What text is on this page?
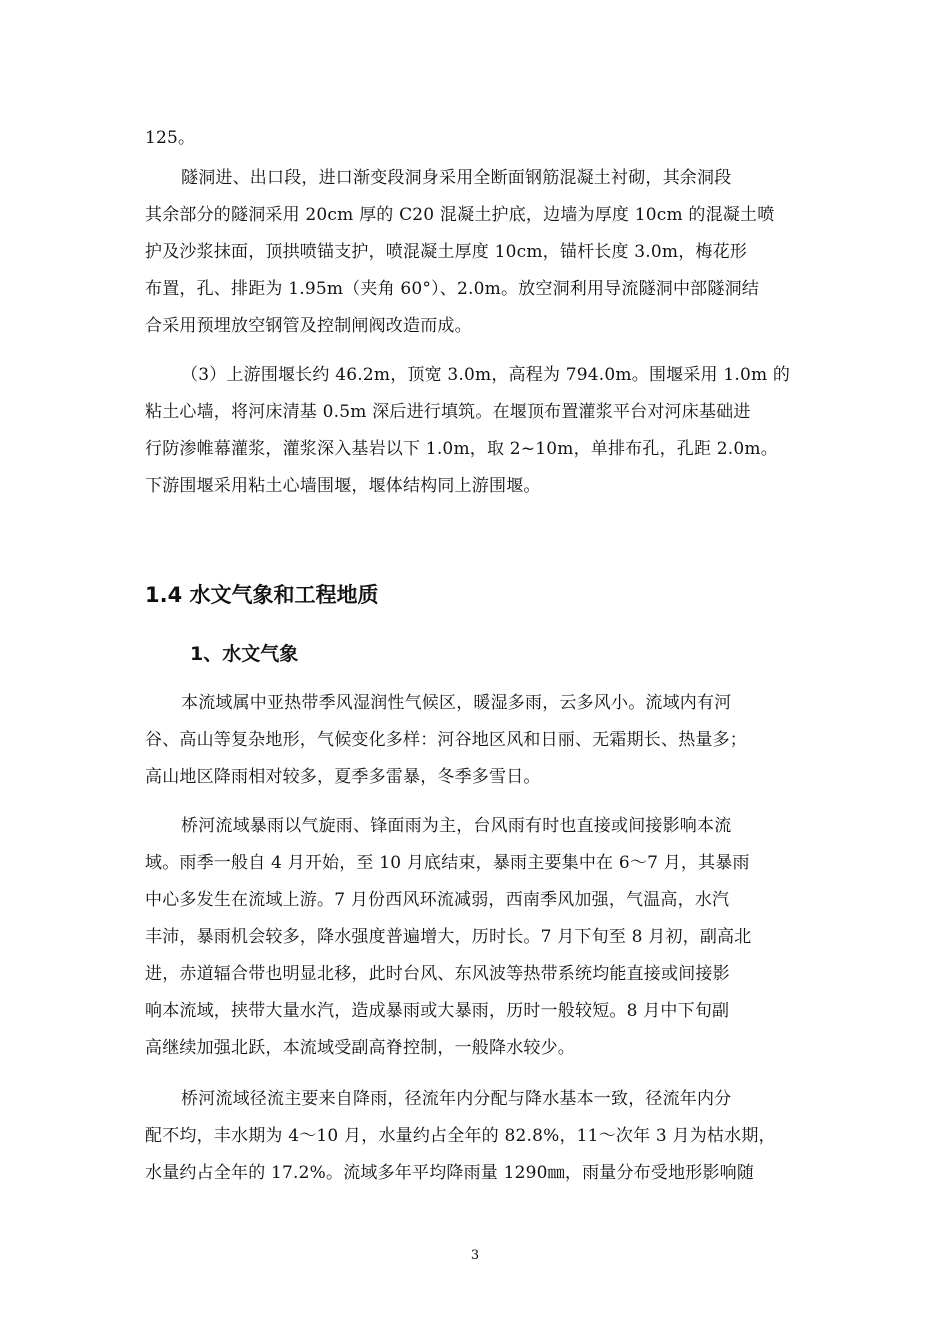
125。
隧洞进、出口段，进口渐变段洞身采用全断面钢筋混凝土衬砌，其余洞段
其余部分的隧洞采用 20cm 厚的 C20 混凝土护底，边墙为厚度 10cm 的混凝土喷
护及沙浆抹面，顶拱喷锚支护，喷混凝土厚度 10cm，锚杆长度 3.0m，梅花形
布置，孔、排距为 1.95m（夹角 60°）、2.0m。放空洞利用导流隧洞中部隧洞结
合采用预埋放空钢管及控制闸阀改造而成。
（3）上游围堰长约 46.2m，顶宽 3.0m，高程为 794.0m。围堰采用 1.0m 的
粘土心墙，将河床清基 0.5m 深后进行填筑。在堰顶布置灌浆平台对河床基础进
行防渗帷幕灌浆，灌浆深入基岩以下 1.0m，取 2~10m，单排布孔，孔距 2.0m。
下游围堰采用粘土心墙围堰，堰体结构同上游围堰。
1.4 水文气象和工程地质
1、水文气象
本流域属中亚热带季风湿润性气候区，暖湿多雨，云多风小。流域内有河
谷、高山等复杂地形，气候变化多样：河谷地区风和日丽、无霜期长、热量多；
高山地区降雨相对较多，夏季多雷暴，冬季多雪日。
桥河流域暴雨以气旋雨、锋面雨为主，台风雨有时也直接或间接影响本流
域。雨季一般自 4 月开始，至 10 月底结束，暴雨主要集中在 6～7 月，其暴雨
中心多发生在流域上游。7 月份西风环流减弱，西南季风加强，气温高，水汽
丰沛，暴雨机会较多，降水强度普遍增大，历时长。7 月下旬至 8 月初，副高北
进，赤道辐合带也明显北移，此时台风、东风波等热带系统均能直接或间接影
响本流域，挟带大量水汽，造成暴雨或大暴雨，历时一般较短。8 月中下旬副
高继续加强北跃，本流域受副高脊控制，一般降水较少。
桥河流域径流主要来自降雨，径流年内分配与降水基本一致，径流年内分
配不均，丰水期为 4～10 月，水量约占全年的 82.8%，11～次年 3 月为枯水期，
水量约占全年的 17.2%。流域多年平均降雨量 1290㎜，雨量分布受地形影响随
3
